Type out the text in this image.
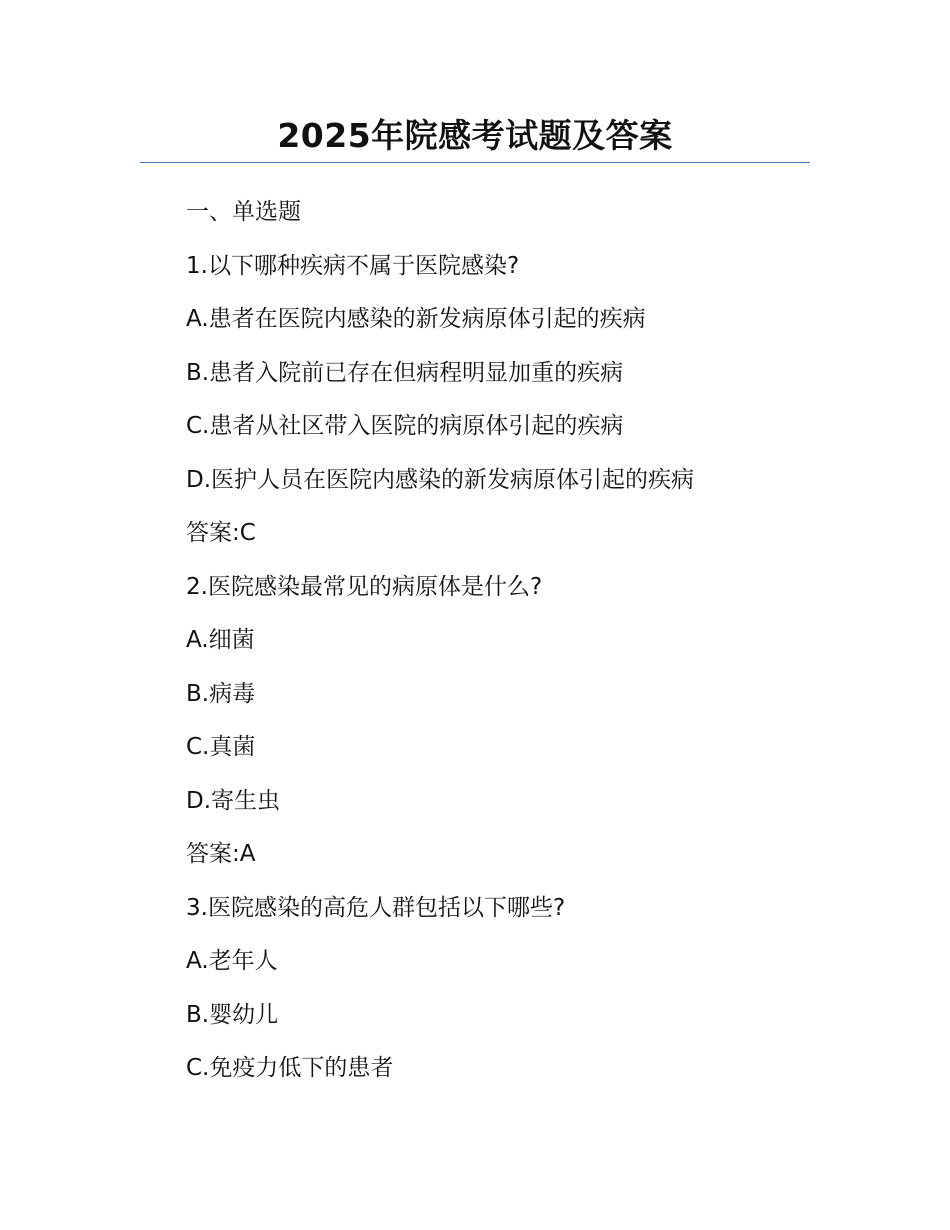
2025年院感考试题及答案
一、单选题
1.以下哪种疾病不属于医院感染?
A.患者在医院内感染的新发病原体引起的疾病
B.患者入院前已存在但病程明显加重的疾病
C.患者从社区带入医院的病原体引起的疾病
D.医护人员在医院内感染的新发病原体引起的疾病
答案:C
2.医院感染最常见的病原体是什么?
A.细菌
B.病毒
C.真菌
D.寄生虫
答案:A
3.医院感染的高危人群包括以下哪些?
A.老年人
B.婴幼儿
C.免疫力低下的患者
